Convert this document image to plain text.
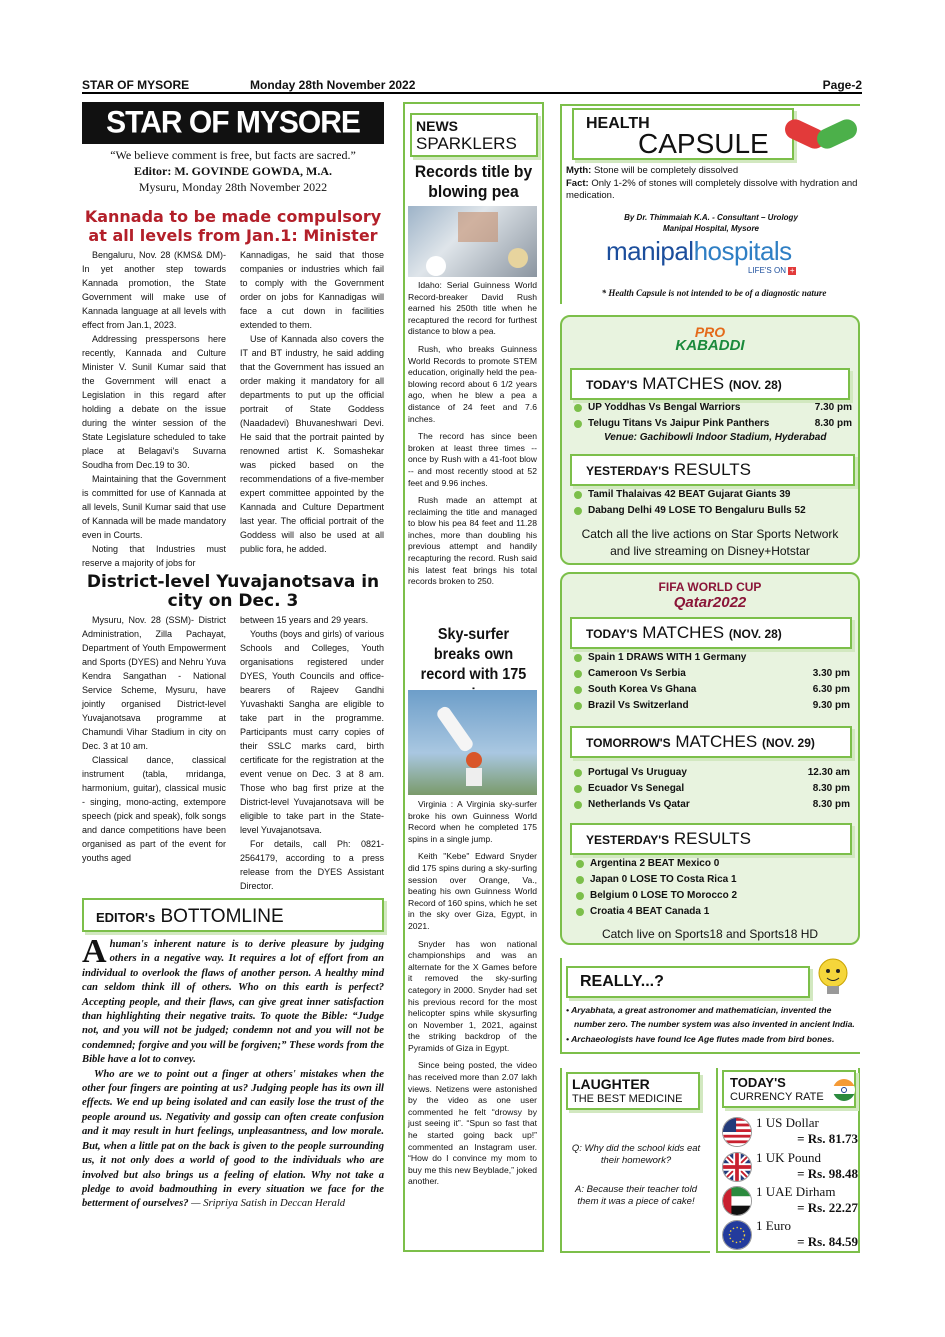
STAR OF MYSORE	Monday 28th November 2022	Page-2
STAR OF MYSORE
“We believe comment is free, but facts are sacred.”
Editor: M. GOVINDE GOWDA, M.A.
Mysuru, Monday 28th November 2022
Kannada to be made compulsory at all levels from Jan.1: Minister

Bengaluru, Nov. 28 (KMS& DM)- In yet another step towards Kannada promotion, the State Government will make use of Kannada language at all levels with effect from Jan.1, 2023.

Addressing presspersons here recently, Kannada and Culture Minister V. Sunil Kumar said that the Government will enact a Legislation in this regard after holding a debate on the issue during the winter session of the State Legislature scheduled to take place at Belagavi's Suvarna Soudha from Dec.19 to 30.

Maintaining that the Government is committed for use of Kannada at all levels, Sunil Kumar said that use of Kannada will be made mandatory even in Courts.

Noting that Industries must reserve a majority of jobs for

Kannadigas, he said that those companies or industries which fail to comply with the Government order on jobs for Kannadigas will face a cut down in facilities extended to them.

Use of Kannada also covers the IT and BT industry, he said adding that the Government has issued an order making it mandatory for all departments to put up the official portrait of State Goddess (Naadadevi) Bhuvaneshwari Devi. He said that the portrait painted by renowned artist K. Somashekar was picked based on the recommendations of a five-member expert committee appointed by the Kannada and Culture Department last year. The official portrait of the Goddess will also be used at all public fora, he added.

District-level Yuvajanotsava in city on Dec. 3

Mysuru, Nov. 28 (SSM)- District Administration, Zilla Pachayat, Department of Youth Empowerment and Sports (DYES) and Nehru Yuva Kendra Sangathan - National Service Scheme, Mysuru, have jointly organised District-level Yuvajanotsava programme at Chamundi Vihar Stadium in city on Dec. 3 at 10 am.

Classical dance, classical instrument (tabla, mridanga, harmonium, guitar), classical music - singing, mono-acting, extempore speech (pick and speak), folk songs and dance competitions have been organised as part of the event for youths aged

between 15 years and 29 years.

Youths (boys and girls) of various Schools and Colleges, Youth organisations registered under DYES, Youth Councils and office-bearers of Rajeev Gandhi Yuvashakti Sangha are eligible to take part in the programme. Participants must carry copies of their SSLC marks card, birth certificate for the registration at the event venue on Dec. 3 at 8 am. Those who bag first prize at the District-level Yuvajanotsava will be eligible to take part in the State-level Yuvajanotsava.

For details, call Ph: 0821-2564179, according to a press release from the DYES Assistant Director.

EDITOR's BOTTOMLINE

Ahuman's inherent nature is to derive pleasure by judging others in a negative way. It requires a lot of effort from an individual to overlook the flaws of another person. A healthy mind can seldom think ill of others. Who on this earth is perfect? Accepting people, and their flaws, can give great inner satisfaction than highlighting their negative traits. To quote the Bible: “Judge not, and you will not be judged; condemn not and you will not be condemned; forgive and you will be forgiven;” These words from the Bible have a lot to convey.

Who are we to point out a finger at others' mistakes when the other four fingers are pointing at us? Judging people has its own ill effects. We end up being isolated and can easily lose the trust of the people around us. Negativity and gossip can often create confusion and it may result in hurt feelings, unpleasantness, and low morale. But, when a little pat on the back is given to the people surrounding us, it not only does a world of good to the individuals who are involved but also brings us a feeling of elation. Why not take a pledge to avoid badmouthing in every situation we face for the betterment of ourselves? — Sripriya Satish in Deccan Herald

NEWS
SPARKLERS
Records title by blowing pea

Idaho: Serial Guinness World Record-breaker David Rush earned his 250th title when he recaptured the record for furthest distance to blow a pea.

Rush, who breaks Guinness World Records to promote STEM education, originally held the pea-blowing record about 6 1/2 years ago, when he blew a pea a distance of 24 feet and 7.6 inches.

The record has since been broken at least three times -- once by Rush with a 41-foot blow -- and most recently stood at 52 feet and 9.96 inches.

Rush made an attempt at reclaiming the title and managed to blow his pea 84 feet and 11.28 inches, more than doubling his previous attempt and handily recapturing the record. Rush said his latest feat brings his total records broken to 250.

Sky-surfer breaks own record with 175

Virginia : A Virginia sky-surfer broke his own Guinness World Record when he completed 175 spins in a single jump.

Keith "Kebe" Edward Snyder did 175 spins during a sky-surfing session over Orange, Va., beating his own Guinness World Record of 160 spins, which he set in the sky over Giza, Egypt, in 2021.

Snyder has won national championships and was an alternate for the X Games before it removed the sky-surfing category in 2000. Snyder had set his previous record for the most helicopter spins while skysurfing on November 1, 2021, against the striking backdrop of the Pyramids of Giza in Egypt.

Since being posted, the video has received more than 2.07 lakh views. Netizens were astonished by the video as one user commented he felt “drowsy by just seeing it”. “Spun so fast that he started going back up!” commented an Instagram user. “How do I convince my mom to buy me this new Beyblade,” joked another.

HEALTH
CAPSULE
Myth: Stone will be completely dissolved
Fact: Only 1-2% of stones will completely dissolve with hydration and medication.
By Dr. Thimmaiah K.A. - Consultant – Urology
Manipal Hospital, Mysore
manipalhospitals
LIFE'S ON +
* Health Capsule is not intended to be of a diagnostic nature
PRO
KABADDI
TODAY'S MATCHES (NOV. 28)
UP Yoddhas Vs Bengal Warriors	7.30 pm
Telugu Titans Vs Jaipur Pink Panthers	8.30 pm
Venue: Gachibowli Indoor Stadium, Hyderabad
YESTERDAY'S RESULTS
Tamil Thalaivas 42 BEAT Gujarat Giants 39
Dabang Delhi 49 LOSE TO Bengaluru Bulls 52
Catch all the live actions on Star Sports Network
and live streaming on Disney+Hotstar
FIFA WORLD CUP
Qatar2022
TODAY'S MATCHES (NOV. 28)
Spain 1 DRAWS WITH 1 Germany
Cameroon Vs Serbia	3.30 pm
South Korea Vs Ghana	6.30 pm
Brazil Vs Switzerland	9.30 pm
TOMORROW'S MATCHES (NOV. 29)
Portugal Vs Uruguay	12.30 am
Ecuador Vs Senegal	8.30 pm
Netherlands Vs Qatar	8.30 pm
YESTERDAY'S RESULTS
Argentina 2 BEAT Mexico 0
Japan 0 LOSE TO Costa Rica 1
Belgium 0 LOSE TO Morocco 2
Croatia 4 BEAT Canada 1
Catch live on Sports18 and Sports18 HD
REALLY...?
• Aryabhata, a great astronomer and mathematician, invented the number zero. The number system was also invented in ancient India.
• Archaeologists have found Ice Age flutes made from bird bones.
LAUGHTER
THE BEST MEDICINE
Q: Why did the school kids eat their homework?
A: Because their teacher told them it was a piece of cake!
TODAY'S
CURRENCY RATE
1 US Dollar
= Rs. 81.73
1 UK Pound
= Rs. 98.48
1 UAE Dirham
= Rs. 22.27
1 Euro
= Rs. 84.59
